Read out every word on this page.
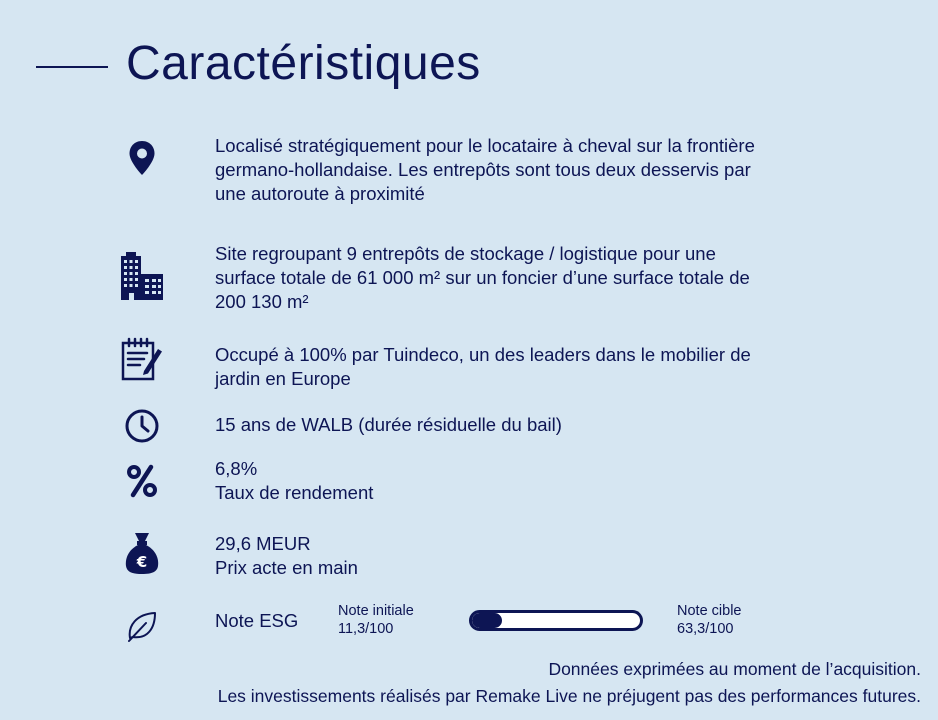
Caractéristiques
Localisé stratégiquement pour le locataire à cheval sur la frontière
germano-hollandaise. Les entrepôts sont tous deux desservis par
une autoroute à proximité
Site regroupant 9 entrepôts de stockage / logistique pour une
surface totale de 61 000 m² sur un foncier d’une surface totale de
200 130 m²
Occupé à 100% par Tuindeco, un des leaders dans le mobilier de
jardin en Europe
15 ans de WALB (durée résiduelle du bail)
6,8%
Taux de rendement
€
29,6 MEUR
Prix acte en main
Note ESG	Note initiale
11,3/100
Note cible
63,3/100
Données exprimées au moment de l’acquisition.
Les investissements réalisés par Remake Live ne préjugent pas des performances futures.
